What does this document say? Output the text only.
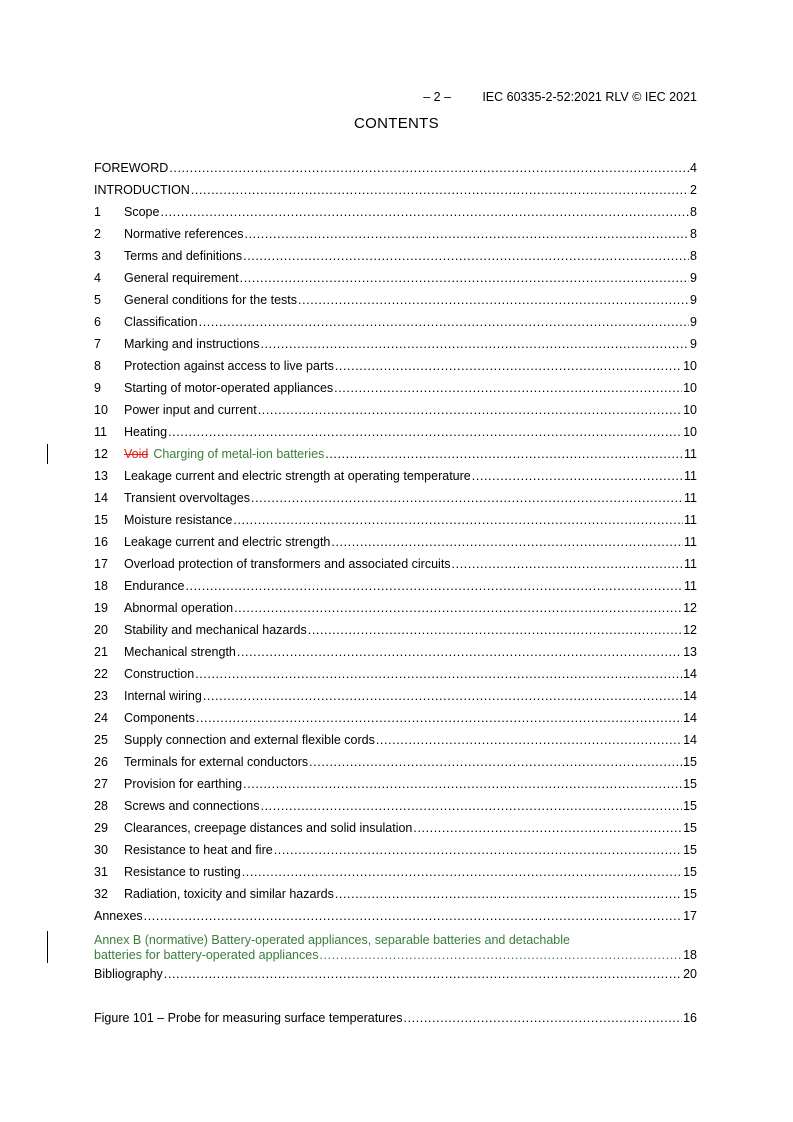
– 2 –	IEC 60335-2-52:2021 RLV © IEC 2021

CONTENTS
FOREWORD .....	4
INTRODUCTION .....	2
1	Scope .....	8
2	Normative references .....	8
3	Terms and definitions .....	8
4	General requirement .....	9
5	General conditions for the tests .....	9
6	Classification .....	9
7	Marking and instructions .....	9
8	Protection against access to live parts .....	10
9	Starting of motor-operated appliances .....	10
10	Power input and current .....	10
11	Heating .....	10
12	Void Charging of metal-ion batteries .....	11
13	Leakage current and electric strength at operating temperature .....	11
14	Transient overvoltages .....	11
15	Moisture resistance .....	11
16	Leakage current and electric strength .....	11
17	Overload protection of transformers and associated circuits .....	11
18	Endurance .....	11
19	Abnormal operation .....	12
20	Stability and mechanical hazards .....	12
21	Mechanical strength .....	13
22	Construction .....	14
23	Internal wiring .....	14
24	Components .....	14
25	Supply connection and external flexible cords .....	14
26	Terminals for external conductors .....	15
27	Provision for earthing .....	15
28	Screws and connections .....	15
29	Clearances, creepage distances and solid insulation .....	15
30	Resistance to heat and fire .....	15
31	Resistance to rusting .....	15
32	Radiation, toxicity and similar hazards .....	15
Annexes .....	17
Annex B (normative) Battery-operated appliances, separable batteries and detachable
batteries for battery-operated appliances .....	18
Bibliography .....	20
Figure 101 – Probe for measuring surface temperatures .....	16
